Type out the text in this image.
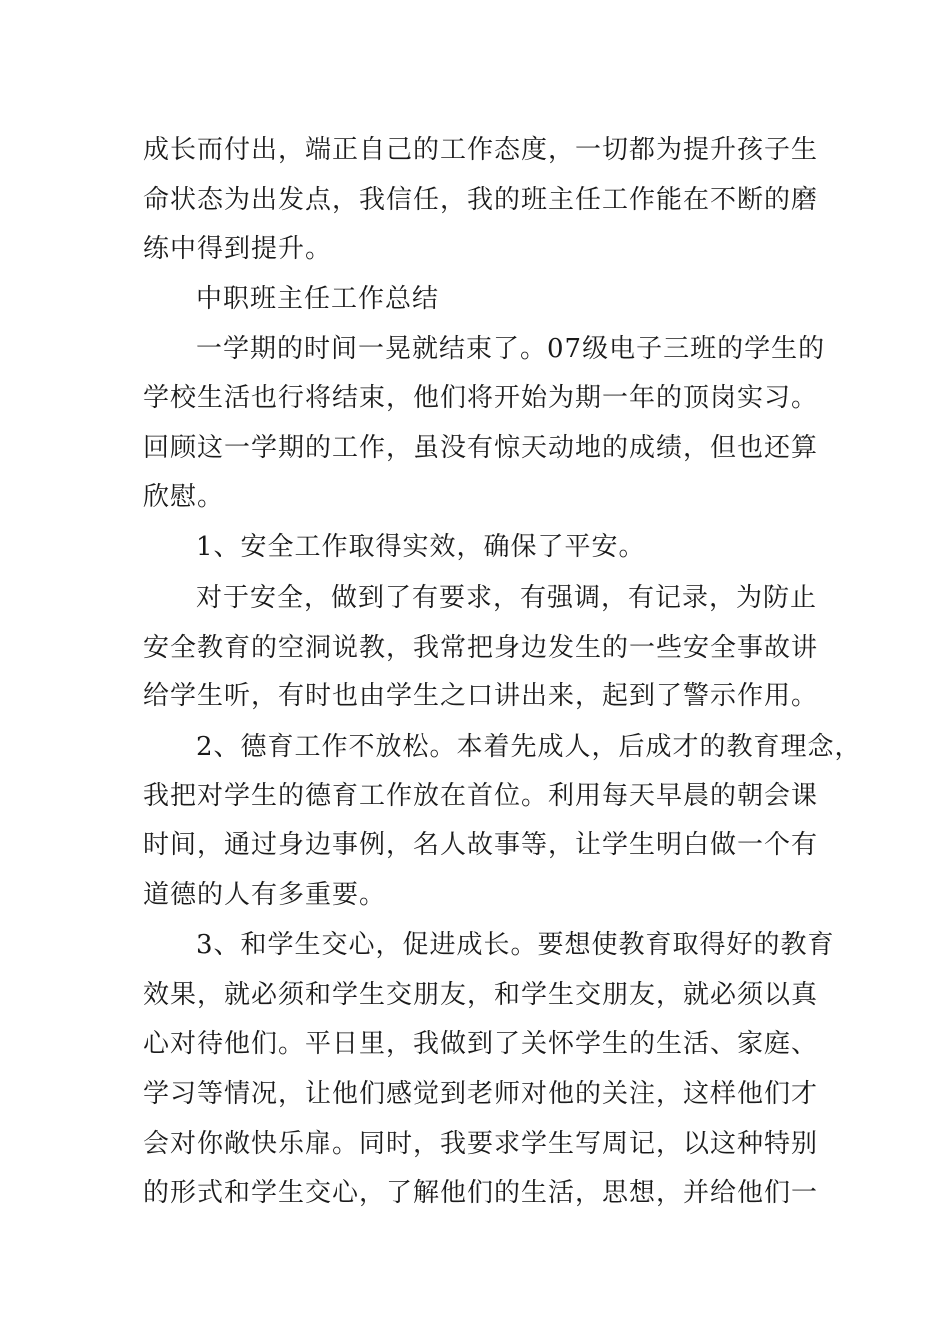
成长而付出，端正自己的工作态度，一切都为提升孩子生
命状态为出发点，我信任，我的班主任工作能在不断的磨
练中得到提升。
中职班主任工作总结
一学期的时间一晃就结束了。07级电子三班的学生的
学校生活也行将结束，他们将开始为期一年的顶岗实习。
回顾这一学期的工作，虽没有惊天动地的成绩，但也还算
欣慰。
1、安全工作取得实效，确保了平安。
对于安全，做到了有要求，有强调，有记录，为防止
安全教育的空洞说教，我常把身边发生的一些安全事故讲
给学生听，有时也由学生之口讲出来，起到了警示作用。
2、德育工作不放松。本着先成人，后成才的教育理念，
我把对学生的德育工作放在首位。利用每天早晨的朝会课
时间，通过身边事例，名人故事等，让学生明白做一个有
道德的人有多重要。
3、和学生交心，促进成长。要想使教育取得好的教育
效果，就必须和学生交朋友，和学生交朋友，就必须以真
心对待他们。平日里，我做到了关怀学生的生活、家庭、
学习等情况，让他们感觉到老师对他的关注，这样他们才
会对你敞快乐扉。同时，我要求学生写周记，以这种特别
的形式和学生交心，了解他们的生活，思想，并给他们一
